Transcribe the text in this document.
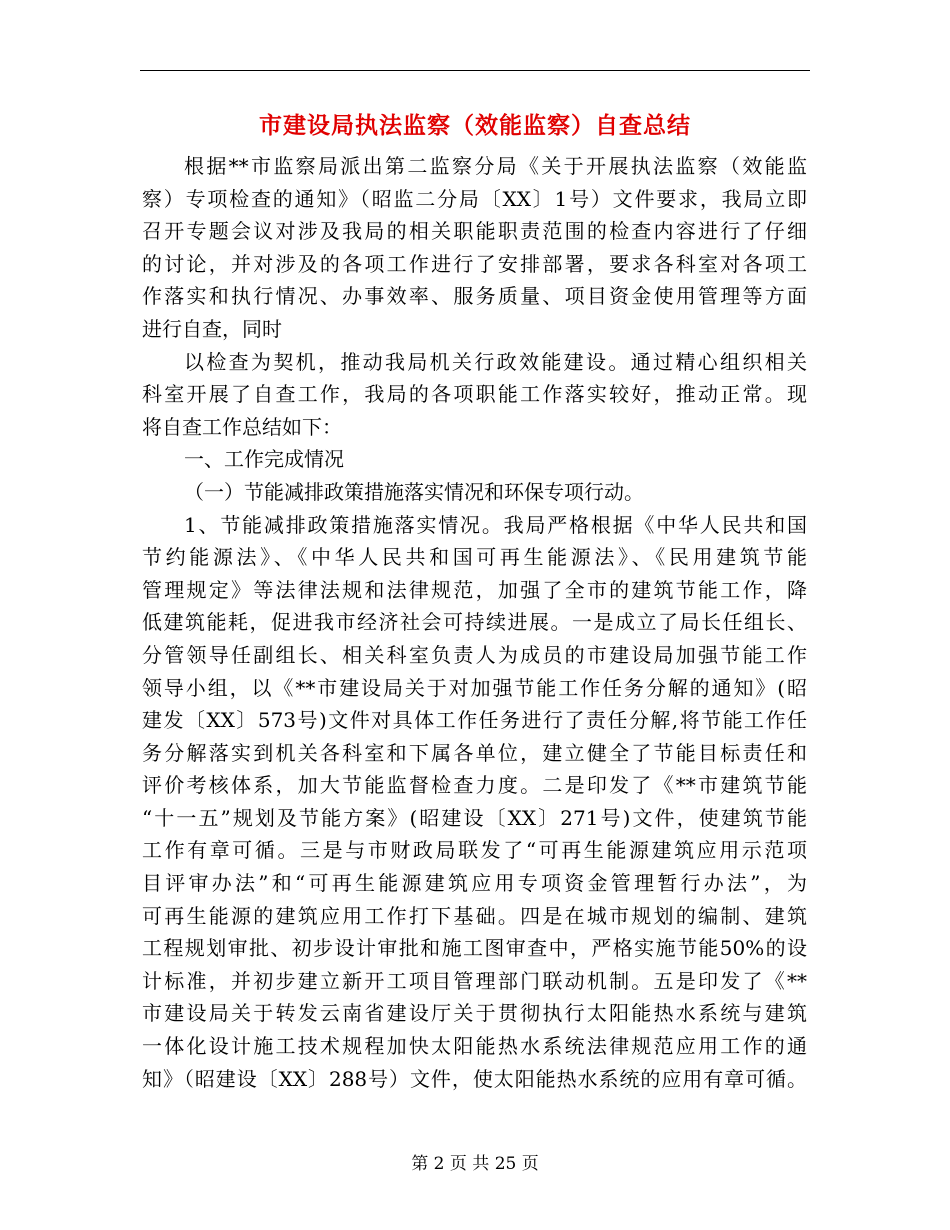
市建设局执法监察（效能监察）自查总结
根据**市监察局派出第二监察分局《关于开展执法监察（效能监
察）专项检查的通知》（昭监二分局〔XX〕1号）文件要求，我局立即
召开专题会议对涉及我局的相关职能职责范围的检查内容进行了仔细
的讨论，并对涉及的各项工作进行了安排部署，要求各科室对各项工
作落实和执行情况、办事效率、服务质量、项目资金使用管理等方面
进行自查，同时
以检查为契机，推动我局机关行政效能建设。通过精心组织相关
科室开展了自查工作，我局的各项职能工作落实较好，推动正常。现
将自查工作总结如下：
一、工作完成情况
（一）节能减排政策措施落实情况和环保专项行动。
1、节能减排政策措施落实情况。我局严格根据《中华人民共和国
节约能源法》、《中华人民共和国可再生能源法》、《民用建筑节能
管理规定》等法律法规和法律规范，加强了全市的建筑节能工作，降
低建筑能耗，促进我市经济社会可持续进展。一是成立了局长任组长、
分管领导任副组长、相关科室负责人为成员的市建设局加强节能工作
领导小组，以《**市建设局关于对加强节能工作任务分解的通知》(昭
建发〔XX〕573号)文件对具体工作任务进行了责任分解,将节能工作任
务分解落实到机关各科室和下属各单位，建立健全了节能目标责任和
评价考核体系，加大节能监督检查力度。二是印发了《**市建筑节能
“十一五”规划及节能方案》(昭建设〔XX〕271号)文件，使建筑节能
工作有章可循。三是与市财政局联发了“可再生能源建筑应用示范项
目评审办法”和“可再生能源建筑应用专项资金管理暂行办法”，为
可再生能源的建筑应用工作打下基础。四是在城市规划的编制、建筑
工程规划审批、初步设计审批和施工图审查中，严格实施节能50%的设
计标准，并初步建立新开工项目管理部门联动机制。五是印发了《**
市建设局关于转发云南省建设厅关于贯彻执行太阳能热水系统与建筑
一体化设计施工技术规程加快太阳能热水系统法律规范应用工作的通
知》（昭建设〔XX〕288号）文件，使太阳能热水系统的应用有章可循。
第 2 页 共 25 页
